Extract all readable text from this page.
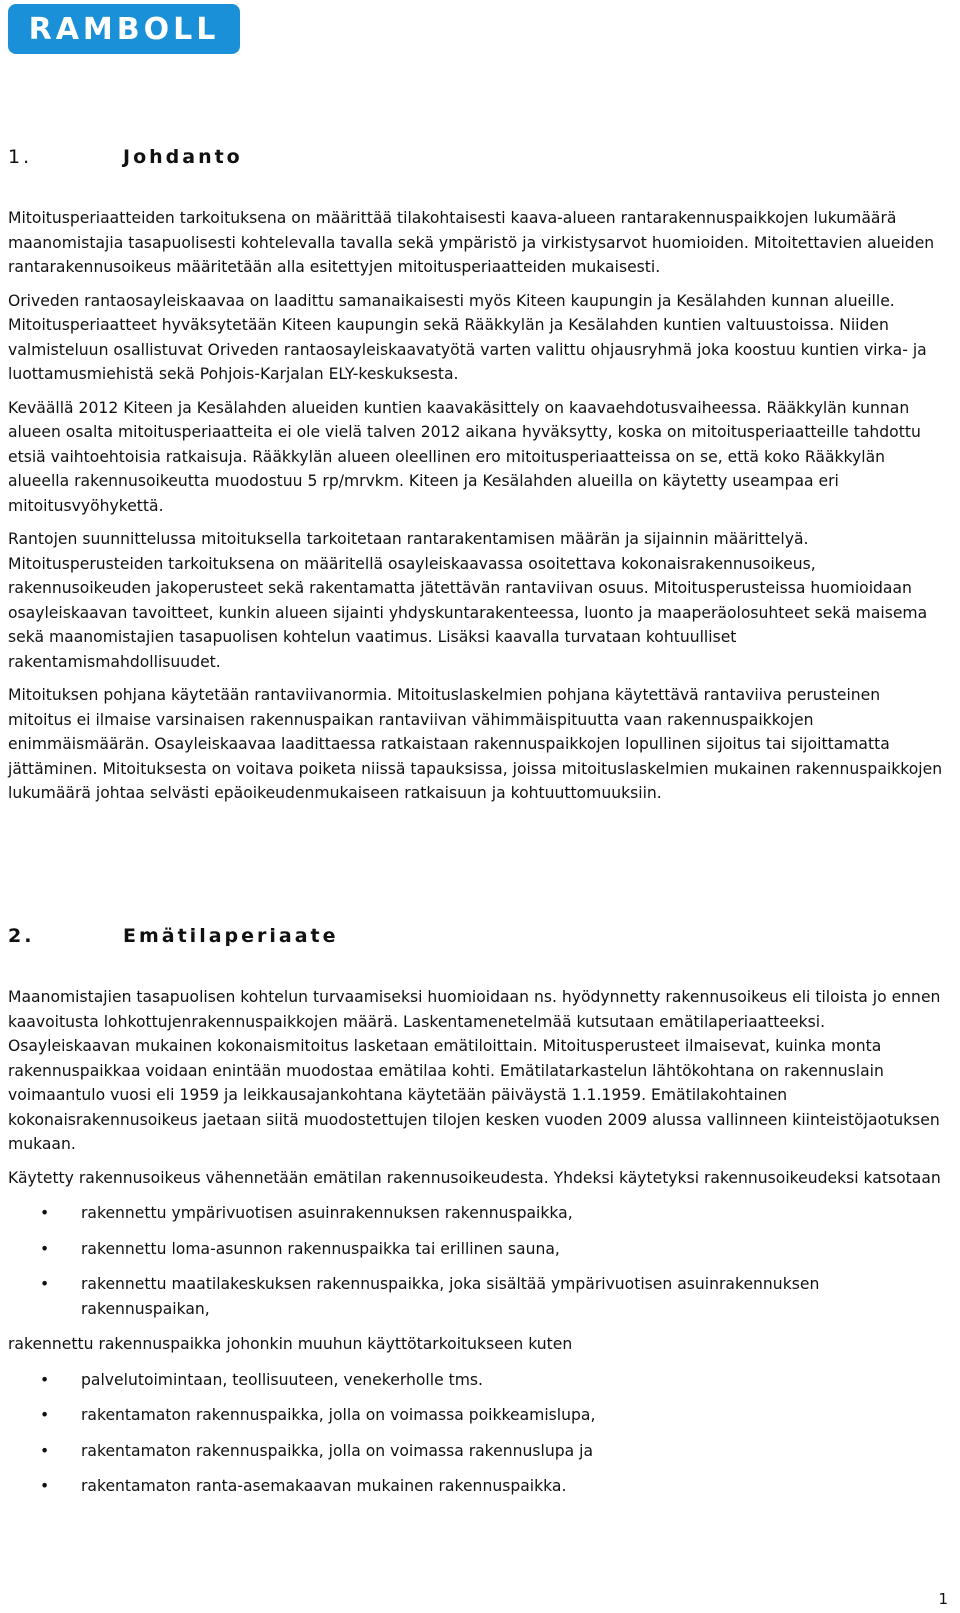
RAMBOLL
1.	Johdanto

Mitoitusperiaatteiden tarkoituksena on määrittää tilakohtaisesti kaava-alueen rantarakennuspaikkojen lukumäärä maanomistajia tasapuolisesti kohtelevalla tavalla sekä ympäristö ja virkistysarvot huomioiden. Mitoitettavien alueiden rantarakennusoikeus määritetään alla esitettyjen mitoitusperiaatteiden mukaisesti.

Oriveden rantaosayleiskaavaa on laadittu samanaikaisesti myös Kiteen kaupungin ja Kesälahden kunnan alueille. Mitoitusperiaatteet hyväksytetään Kiteen kaupungin sekä Rääkkylän ja Kesälahden kuntien valtuustoissa. Niiden valmisteluun osallistuvat Oriveden rantaosayleiskaavatyötä varten valittu ohjausryhmä joka koostuu kuntien virka- ja luottamusmiehistä sekä Pohjois-Karjalan ELY-keskuksesta.

Keväällä 2012 Kiteen ja Kesälahden alueiden kuntien kaavakäsittely on kaavaehdotusvaiheessa. Rääkkylän kunnan alueen osalta mitoitusperiaatteita ei ole vielä talven 2012 aikana hyväksytty, koska on mitoitusperiaatteille tahdottu etsiä vaihtoehtoisia ratkaisuja. Rääkkylän alueen oleellinen ero mitoitusperiaatteissa on se, että koko Rääkkylän alueella rakennusoikeutta muodostuu 5 rp/mrvkm. Kiteen ja Kesälahden alueilla on käytetty useampaa eri mitoitusvyöhykettä.

Rantojen suunnittelussa mitoituksella tarkoitetaan rantarakentamisen määrän ja sijainnin määrittelyä. Mitoitusperusteiden tarkoituksena on määritellä osayleiskaavassa osoitettava kokonaisrakennusoikeus, rakennusoikeuden jakoperusteet sekä rakentamatta jätettävän rantaviivan osuus. Mitoitusperusteissa huomioidaan osayleiskaavan tavoitteet, kunkin alueen sijainti yhdyskuntarakenteessa, luonto ja maaperäolosuhteet sekä maisema sekä maanomistajien tasapuolisen kohtelun vaatimus. Lisäksi kaavalla turvataan kohtuulliset rakentamismahdollisuudet.

Mitoituksen pohjana käytetään rantaviivanormia. Mitoituslaskelmien pohjana käytettävä rantaviiva perusteinen mitoitus ei ilmaise varsinaisen rakennuspaikan rantaviivan vähimmäispituutta vaan rakennuspaikkojen enimmäismäärän. Osayleiskaavaa laadittaessa ratkaistaan rakennuspaikkojen lopullinen sijoitus tai sijoittamatta jättäminen. Mitoituksesta on voitava poiketa niissä tapauksissa, joissa mitoituslaskelmien mukainen rakennuspaikkojen lukumäärä johtaa selvästi epäoikeudenmukaiseen ratkaisuun ja kohtuuttomuuksiin.

2.	Emätilaperiaate

Maanomistajien tasapuolisen kohtelun turvaamiseksi huomioidaan ns. hyödynnetty rakennusoikeus eli tiloista jo ennen kaavoitusta lohkottujenrakennuspaikkojen määrä. Laskentamenetelmää kutsutaan emätilaperiaatteeksi. Osayleiskaavan mukainen kokonaismitoitus lasketaan emätiloittain. Mitoitusperusteet ilmaisevat, kuinka monta rakennuspaikkaa voidaan enintään muodostaa emätilaa kohti. Emätilatarkastelun lähtökohtana on rakennuslain voimaantulo vuosi eli 1959 ja leikkausajankohtana käytetään päiväystä 1.1.1959. Emätilakohtainen kokonaisrakennusoikeus jaetaan siitä muodostettujen tilojen kesken vuoden 2009 alussa vallinneen kiinteistöjaotuksen mukaan.

Käytetty rakennusoikeus vähennetään emätilan rakennusoikeudesta. Yhdeksi käytetyksi rakennusoikeudeksi katsotaan

• rakennettu ympärivuotisen asuinrakennuksen rakennuspaikka,
• rakennettu loma-asunnon rakennuspaikka tai erillinen sauna,
• rakennettu maatilakeskuksen rakennuspaikka, joka sisältää ympärivuotisen asuinrakennuksen rakennuspaikan,

rakennettu rakennuspaikka johonkin muuhun käyttötarkoitukseen kuten

• palvelutoimintaan, teollisuuteen, venekerholle tms.
• rakentamaton rakennuspaikka, jolla on voimassa poikkeamislupa,
• rakentamaton rakennuspaikka, jolla on voimassa rakennuslupa ja
• rakentamaton ranta-asemakaavan mukainen rakennuspaikka.
1
